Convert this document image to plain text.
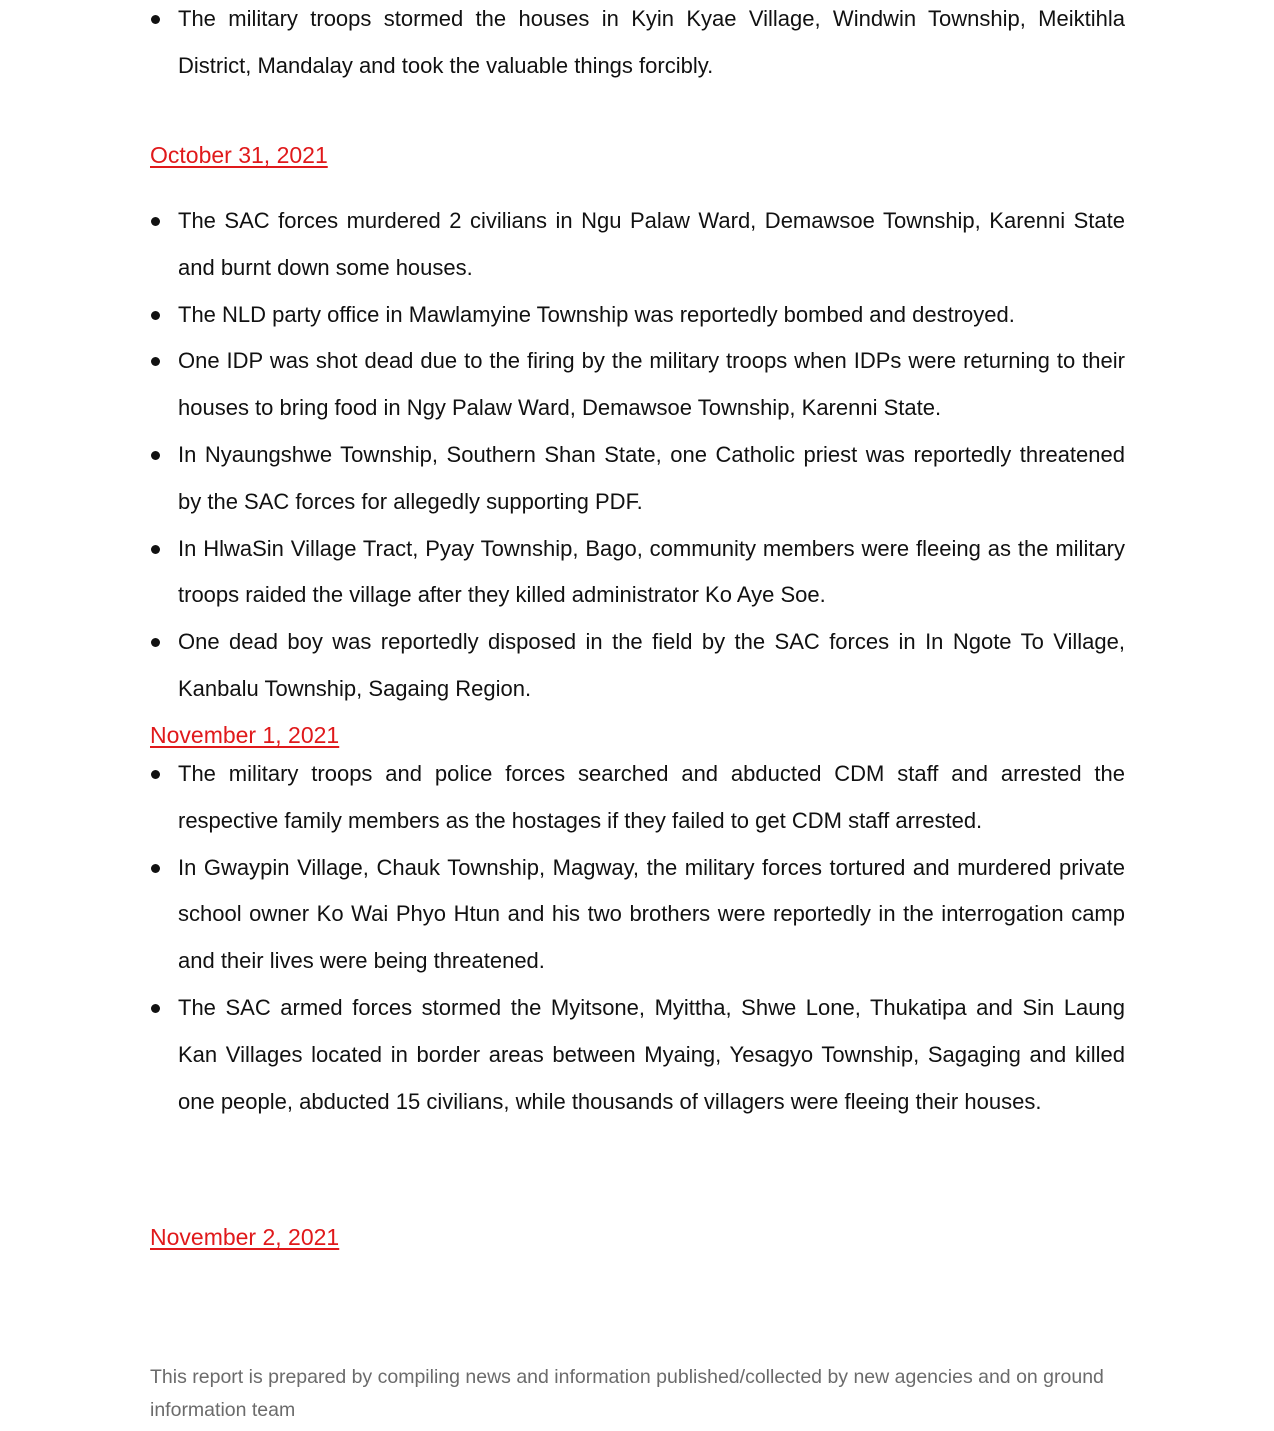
The military troops stormed the houses in Kyin Kyae Village, Windwin Township, Meiktihla District, Mandalay and took the valuable things forcibly.
October 31, 2021
The SAC forces murdered 2 civilians in Ngu Palaw Ward, Demawsoe Township, Karenni State and burnt down some houses.
The NLD party office in Mawlamyine Township was reportedly bombed and destroyed.
One IDP was shot dead due to the firing by the military troops when IDPs were returning to their houses to bring food in Ngy Palaw Ward, Demawsoe Township, Karenni State.
In Nyaungshwe Township, Southern Shan State, one Catholic priest was reportedly threatened by the SAC forces for allegedly supporting PDF.
In HlwaSin Village Tract, Pyay Township, Bago, community members were fleeing as the military troops raided the village after they killed administrator Ko Aye Soe.
One dead boy was reportedly disposed in the field by the SAC forces in In Ngote To Village, Kanbalu Township, Sagaing Region.
November 1, 2021
The military troops and police forces searched and abducted CDM staff and arrested the respective family members as the hostages if they failed to get CDM staff arrested.
In Gwaypin Village, Chauk Township, Magway, the military forces tortured and murdered private school owner Ko Wai Phyo Htun and his two brothers were reportedly in the interrogation camp and their lives were being threatened.
The SAC armed forces stormed the Myitsone, Myittha, Shwe Lone, Thukatipa and Sin Laung Kan Villages located in border areas between Myaing, Yesagyo Township, Sagaging and killed one people, abducted 15 civilians, while thousands of villagers were fleeing their houses.
November 2, 2021

This report is prepared by compiling news and information published/collected by new agencies and on ground information team
